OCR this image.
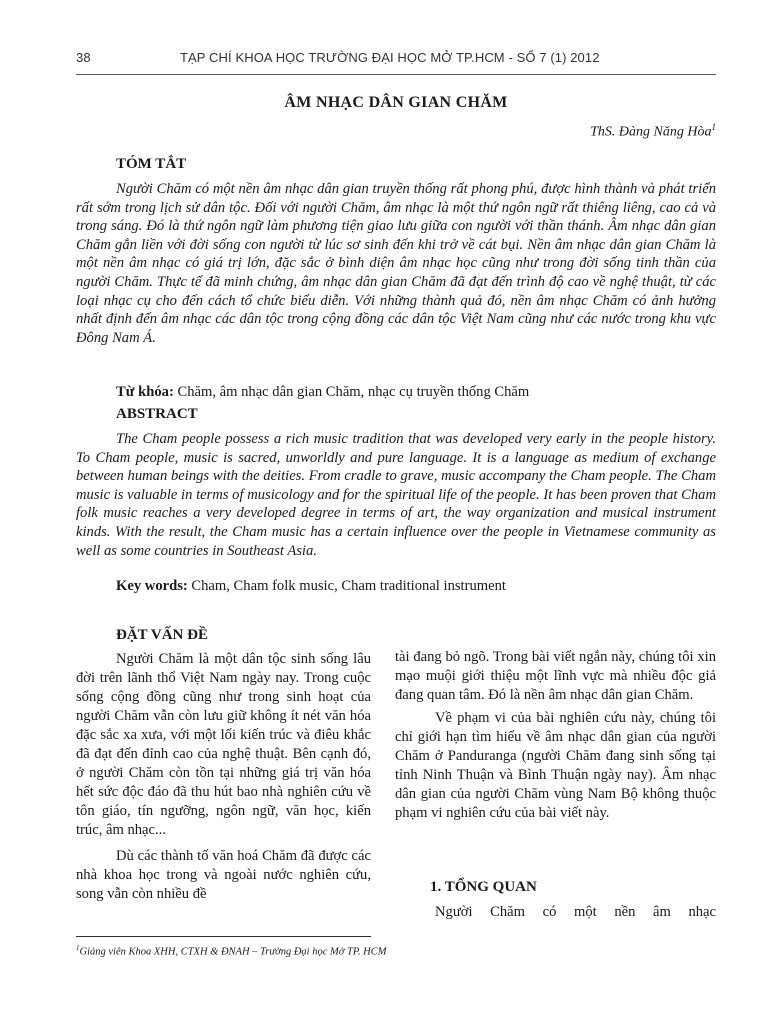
38	TẠP CHÍ KHOA HỌC TRƯỜNG ĐẠI HỌC MỞ TP.HCM - SỐ 7 (1) 2012
ÂM NHẠC DÂN GIAN CHĂM
ThS. Đàng Năng Hòa$^1$
TÓM TẮT

Người Chăm có một nền âm nhạc dân gian truyền thống rất phong phú, được hình thành và phát triển rất sớm trong lịch sử dân tộc. Đối với người Chăm, âm nhạc là một thứ ngôn ngữ rất thiêng liêng, cao cả và trong sáng. Đó là thứ ngôn ngữ làm phương tiện giao lưu giữa con người với thần thánh. Âm nhạc dân gian Chăm gắn liền với đời sống con người từ lúc sơ sinh đến khi trở về cát bụi. Nền âm nhạc dân gian Chăm là một nền âm nhạc có giá trị lớn, đặc sắc ở bình diện âm nhạc học cũng như trong đời sống tinh thần của người Chăm. Thực tế đã minh chứng, âm nhạc dân gian Chăm đã đạt đến trình độ cao về nghệ thuật, từ các loại nhạc cụ cho đến cách tổ chức biểu diễn. Với những thành quả đó, nền âm nhạc Chăm có ảnh hưởng nhất định đến âm nhạc các dân tộc trong cộng đồng các dân tộc Việt Nam cũng như các nước trong khu vực Đông Nam Á.

Từ khóa: Chăm, âm nhạc dân gian Chăm, nhạc cụ truyền thống Chăm
ABSTRACT

The Cham people possess a rich music tradition that was developed very early in the people history. To Cham people, music is sacred, unworldly and pure language. It is a language as medium of exchange between human beings with the deities. From cradle to grave, music accompany the Cham people. The Cham music is valuable in terms of musicology and for the spiritual life of the people. It has been proven that Cham folk music reaches a very developed degree in terms of art, the way organization and musical instrument kinds. With the result, the Cham music has a certain influence over the people in Vietnamese community as well as some countries in Southeast Asia.

Key words: Cham, Cham folk music, Cham traditional instrument
ĐẶT VẤN ĐỀ

Người Chăm là một dân tộc sinh sống lâu đời trên lãnh thổ Việt Nam ngày nay. Trong cuộc sống cộng đồng cũng như trong sinh hoạt của người Chăm vẫn còn lưu giữ không ít nét văn hóa đặc sắc xa xưa, với một lối kiến trúc và điêu khắc đã đạt đến đỉnh cao của nghệ thuật. Bên cạnh đó, ở người Chăm còn tồn tại những giá trị văn hóa hết sức độc đáo đã thu hút bao nhà nghiên cứu về tôn giáo, tín ngưỡng, ngôn ngữ, văn học, kiến trúc, âm nhạc...

Dù các thành tố văn hoá Chăm đã được các nhà khoa học trong và ngoài nước nghiên cứu, song vẫn còn nhiều đề

tài đang bỏ ngõ. Trong bài viết ngắn này, chúng tôi xin mạo muội giới thiệu một lĩnh vực mà nhiều độc giả đang quan tâm. Đó là nền âm nhạc dân gian Chăm.

Về phạm vi của bài nghiên cứu này, chúng tôi chỉ giới hạn tìm hiểu về âm nhạc dân gian của người Chăm ở Panduranga (người Chăm đang sinh sống tại tỉnh Ninh Thuận và Bình Thuận ngày nay). Âm nhạc dân gian của người Chăm vùng Nam Bộ không thuộc phạm vi nghiên cứu của bài viết này.

1. TỔNG QUAN

Người Chăm có một nền âm nhạc

$^1$Giảng viên Khoa XHH, CTXH & ĐNAH – Trường Đại học Mở TP. HCM
